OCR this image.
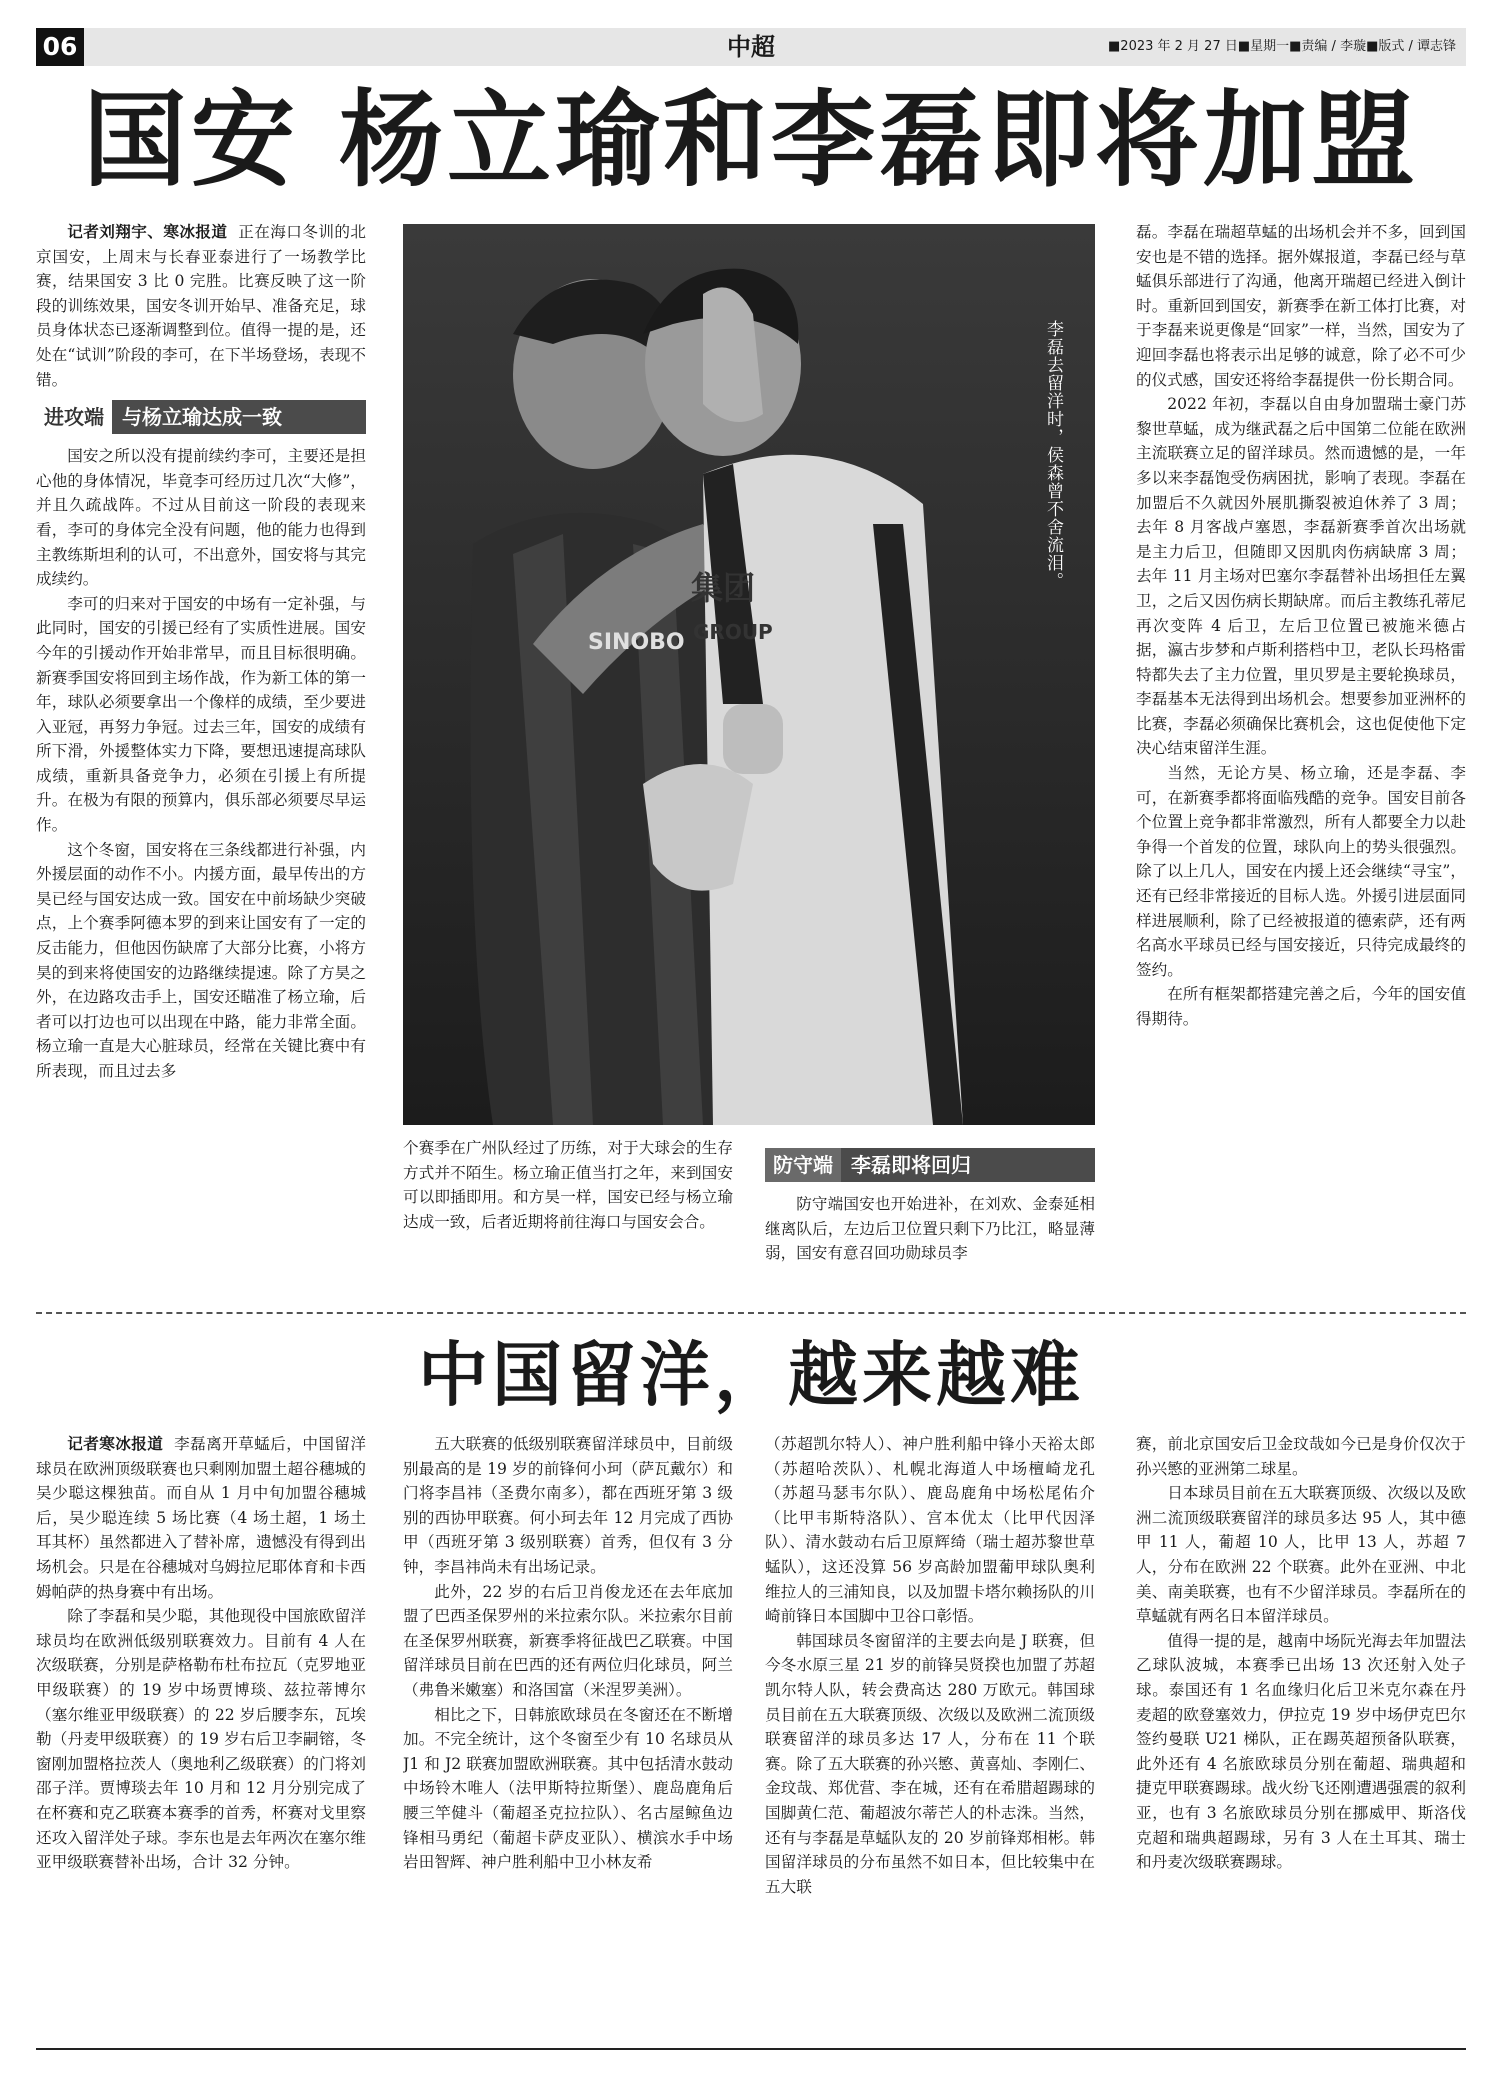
06	中超	■2023 年 2 月 27 日■星期一■责编 / 李璇■版式 / 谭志锋
国安 杨立瑜和李磊即将加盟

记者刘翔宇、寒冰报道 正在海口冬训的北京国安，上周末与长春亚泰进行了一场教学比赛，结果国安 3 比 0 完胜。比赛反映了这一阶段的训练效果，国安冬训开始早、准备充足，球员身体状态已逐渐调整到位。值得一提的是，还处在“试训”阶段的李可，在下半场登场，表现不错。

进攻端 与杨立瑜达成一致

国安之所以没有提前续约李可，主要还是担心他的身体情况，毕竟李可经历过几次“大修”，并且久疏战阵。不过从目前这一阶段的表现来看，李可的身体完全没有问题，他的能力也得到主教练斯坦利的认可，不出意外，国安将与其完成续约。

李可的归来对于国安的中场有一定补强，与此同时，国安的引援已经有了实质性进展。国安今年的引援动作开始非常早，而且目标很明确。新赛季国安将回到主场作战，作为新工体的第一年，球队必须要拿出一个像样的成绩，至少要进入亚冠，再努力争冠。过去三年，国安的成绩有所下滑，外援整体实力下降，要想迅速提高球队成绩，重新具备竞争力，必须在引援上有所提升。在极为有限的预算内，俱乐部必须要尽早运作。

这个冬窗，国安将在三条线都进行补强，内外援层面的动作不小。内援方面，最早传出的方昊已经与国安达成一致。国安在中前场缺少突破点，上个赛季阿德本罗的到来让国安有了一定的反击能力，但他因伤缺席了大部分比赛，小将方昊的到来将使国安的边路继续提速。除了方昊之外，在边路攻击手上，国安还瞄准了杨立瑜，后者可以打边也可以出现在中路，能力非常全面。杨立瑜一直是大心脏球员，经常在关键比赛中有所表现，而且过去多

SINOBO
集团
GROUP
李磊去留洋时，侯森曾不舍流泪。

个赛季在广州队经过了历练，对于大球会的生存方式并不陌生。杨立瑜正值当打之年，来到国安可以即插即用。和方昊一样，国安已经与杨立瑜达成一致，后者近期将前往海口与国安会合。

防守端 李磊即将回归

防守端国安也开始进补，在刘欢、金泰延相继离队后，左边后卫位置只剩下乃比江，略显薄弱，国安有意召回功勋球员李

磊。李磊在瑞超草蜢的出场机会并不多，回到国安也是不错的选择。据外媒报道，李磊已经与草蜢俱乐部进行了沟通，他离开瑞超已经进入倒计时。重新回到国安，新赛季在新工体打比赛，对于李磊来说更像是“回家”一样，当然，国安为了迎回李磊也将表示出足够的诚意，除了必不可少的仪式感，国安还将给李磊提供一份长期合同。

2022 年初，李磊以自由身加盟瑞士豪门苏黎世草蜢，成为继武磊之后中国第二位能在欧洲主流联赛立足的留洋球员。然而遗憾的是，一年多以来李磊饱受伤病困扰，影响了表现。李磊在加盟后不久就因外展肌撕裂被迫休养了 3 周；去年 8 月客战卢塞恩，李磊新赛季首次出场就是主力后卫，但随即又因肌肉伤病缺席 3 周；去年 11 月主场对巴塞尔李磊替补出场担任左翼卫，之后又因伤病长期缺席。而后主教练孔蒂尼再次变阵 4 后卫，左后卫位置已被施米德占据，瀛古步梦和卢斯利搭档中卫，老队长玛格雷特都失去了主力位置，里贝罗是主要轮换球员，李磊基本无法得到出场机会。想要参加亚洲杯的比赛，李磊必须确保比赛机会，这也促使他下定决心结束留洋生涯。

当然，无论方昊、杨立瑜，还是李磊、李可，在新赛季都将面临残酷的竞争。国安目前各个位置上竞争都非常激烈，所有人都要全力以赴争得一个首发的位置，球队向上的势头很强烈。除了以上几人，国安在内援上还会继续“寻宝”，还有已经非常接近的目标人选。外援引进层面同样进展顺利，除了已经被报道的德索萨，还有两名高水平球员已经与国安接近，只待完成最终的签约。

在所有框架都搭建完善之后，今年的国安值得期待。

中国留洋，越来越难

记者寒冰报道 李磊离开草蜢后，中国留洋球员在欧洲顶级联赛也只剩刚加盟土超谷穗城的吴少聪这棵独苗。而自从 1 月中旬加盟谷穗城后，吴少聪连续 5 场比赛（4 场土超，1 场土耳其杯）虽然都进入了替补席，遗憾没有得到出场机会。只是在谷穗城对乌姆拉尼耶体育和卡西姆帕萨的热身赛中有出场。

除了李磊和吴少聪，其他现役中国旅欧留洋球员均在欧洲低级别联赛效力。目前有 4 人在次级联赛，分别是萨格勒布杜布拉瓦（克罗地亚甲级联赛）的 19 岁中场贾博琰、兹拉蒂博尔（塞尔维亚甲级联赛）的 22 岁后腰李东，瓦埃勒（丹麦甲级联赛）的 19 岁右后卫李嗣镕，冬窗刚加盟格拉茨人（奥地利乙级联赛）的门将刘邵子洋。贾博琰去年 10 月和 12 月分别完成了在杯赛和克乙联赛本赛季的首秀，杯赛对戈里察还攻入留洋处子球。李东也是去年两次在塞尔维亚甲级联赛替补出场，合计 32 分钟。

五大联赛的低级别联赛留洋球员中，目前级别最高的是 19 岁的前锋何小珂（萨瓦戴尔）和门将李昌祎（圣费尔南多），都在西班牙第 3 级别的西协甲联赛。何小珂去年 12 月完成了西协甲（西班牙第 3 级别联赛）首秀，但仅有 3 分钟，李昌祎尚未有出场记录。

此外，22 岁的右后卫肖俊龙还在去年底加盟了巴西圣保罗州的米拉索尔队。米拉索尔目前在圣保罗州联赛，新赛季将征战巴乙联赛。中国留洋球员目前在巴西的还有两位归化球员，阿兰（弗鲁米嫩塞）和洛国富（米涅罗美洲）。

相比之下，日韩旅欧球员在冬窗还在不断增加。不完全统计，这个冬窗至少有 10 名球员从 J1 和 J2 联赛加盟欧洲联赛。其中包括清水鼓动中场铃木唯人（法甲斯特拉斯堡）、鹿岛鹿角后腰三竿健斗（葡超圣克拉拉队）、名古屋鲸鱼边锋相马勇纪（葡超卡萨皮亚队）、横滨水手中场岩田智辉、神户胜利船中卫小林友希

（苏超凯尔特人）、神户胜利船中锋小天裕太郎（苏超哈茨队）、札幌北海道人中场檀崎龙孔（苏超马瑟韦尔队）、鹿岛鹿角中场松尾佑介（比甲韦斯特洛队）、宫本优太（比甲代因泽队）、清水鼓动右后卫原辉绮（瑞士超苏黎世草蜢队），这还没算 56 岁高龄加盟葡甲球队奥利维拉人的三浦知良，以及加盟卡塔尔赖扬队的川崎前锋日本国脚中卫谷口彰悟。

韩国球员冬窗留洋的主要去向是 J 联赛，但今冬水原三星 21 岁的前锋吴贤揆也加盟了苏超凯尔特人队，转会费高达 280 万欧元。韩国球员目前在五大联赛顶级、次级以及欧洲二流顶级联赛留洋的球员多达 17 人，分布在 11 个联赛。除了五大联赛的孙兴慜、黄喜灿、李刚仁、金玟哉、郑优营、李在城，还有在希腊超踢球的国脚黄仁范、葡超波尔蒂芒人的朴志洙。当然，还有与李磊是草蜢队友的 20 岁前锋郑相彬。韩国留洋球员的分布虽然不如日本，但比较集中在五大联

赛，前北京国安后卫金玟哉如今已是身价仅次于孙兴慜的亚洲第二球星。

日本球员目前在五大联赛顶级、次级以及欧洲二流顶级联赛留洋的球员多达 95 人，其中德甲 11 人，葡超 10 人，比甲 13 人，苏超 7 人，分布在欧洲 22 个联赛。此外在亚洲、中北美、南美联赛，也有不少留洋球员。李磊所在的草蜢就有两名日本留洋球员。

值得一提的是，越南中场阮光海去年加盟法乙球队波城，本赛季已出场 13 次还射入处子球。泰国还有 1 名血缘归化后卫米克尔森在丹麦超的欧登塞效力，伊拉克 19 岁中场伊克巴尔签约曼联 U21 梯队，正在踢英超预备队联赛，此外还有 4 名旅欧球员分别在葡超、瑞典超和捷克甲联赛踢球。战火纷飞还刚遭遇强震的叙利亚，也有 3 名旅欧球员分别在挪威甲、斯洛伐克超和瑞典超踢球，另有 3 人在土耳其、瑞士和丹麦次级联赛踢球。
